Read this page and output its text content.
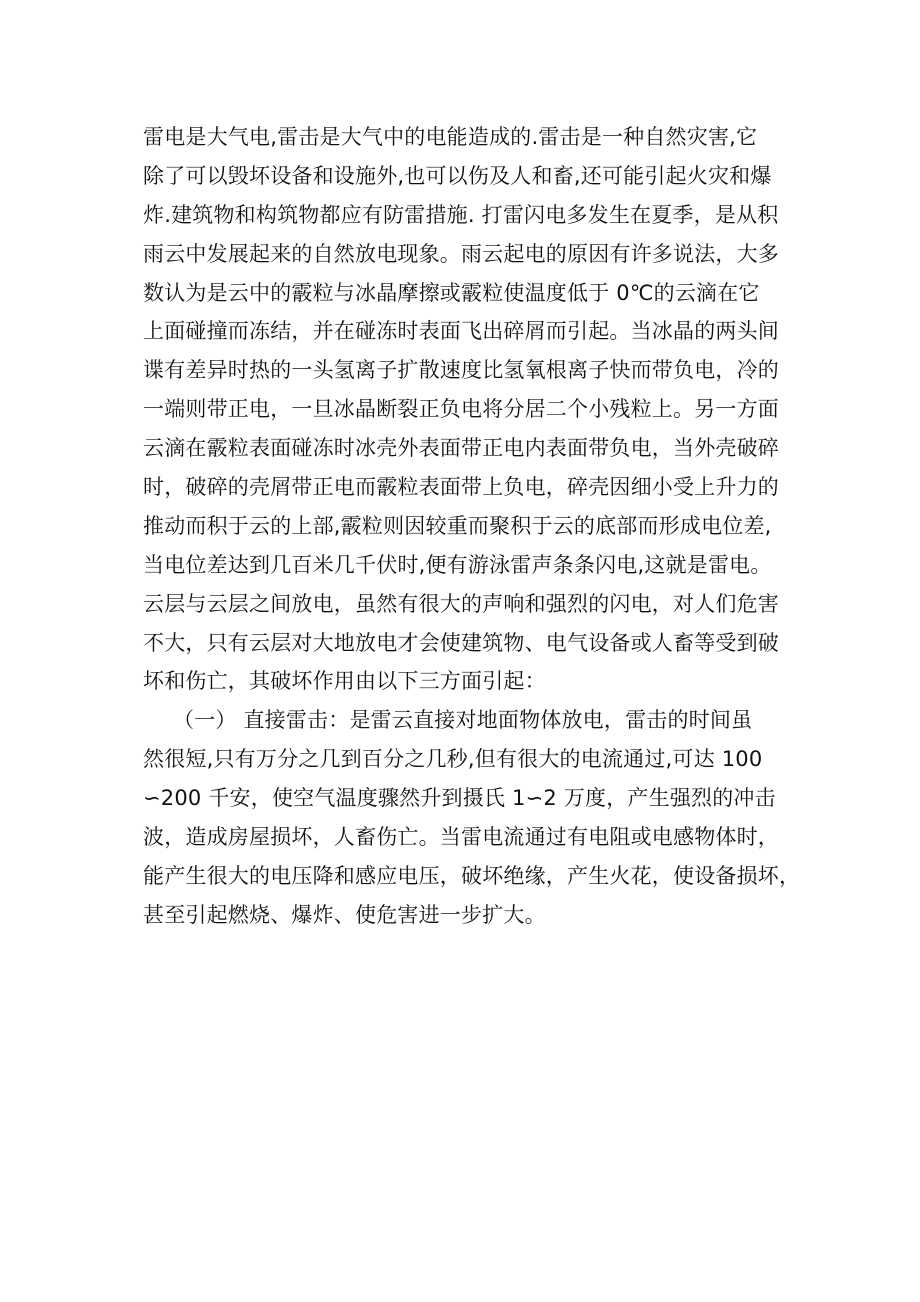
雷电是大气电,雷击是大气中的电能造成的.雷击是一种自然灾害,它
除了可以毁坏设备和设施外,也可以伤及人和畜,还可能引起火灾和爆
炸.建筑物和构筑物都应有防雷措施. 打雷闪电多发生在夏季，是从积
雨云中发展起来的自然放电现象。雨云起电的原因有许多说法，大多
数认为是云中的霰粒与冰晶摩擦或霰粒使温度低于 0℃的云滴在它
上面碰撞而冻结，并在碰冻时表面飞出碎屑而引起。当冰晶的两头间
谍有差异时热的一头氢离子扩散速度比氢氧根离子快而带负电，冷的
一端则带正电，一旦冰晶断裂正负电将分居二个小残粒上。另一方面
云滴在霰粒表面碰冻时冰壳外表面带正电内表面带负电，当外壳破碎
时，破碎的壳屑带正电而霰粒表面带上负电，碎壳因细小受上升力的
推动而积于云的上部,霰粒则因较重而聚积于云的底部而形成电位差,
当电位差达到几百米几千伏时,便有游泳雷声条条闪电,这就是雷电。
云层与云层之间放电，虽然有很大的声响和强烈的闪电，对人们危害
不大，只有云层对大地放电才会使建筑物、电气设备或人畜等受到破
坏和伤亡，其破坏作用由以下三方面引起：
（一） 直接雷击：是雷云直接对地面物体放电，雷击的时间虽
然很短,只有万分之几到百分之几秒,但有很大的电流通过,可达 100
∽200 千安，使空气温度骤然升到摄氏 1∽2 万度，产生强烈的冲击
波，造成房屋损坏，人畜伤亡。当雷电流通过有电阻或电感物体时，
能产生很大的电压降和感应电压，破坏绝缘，产生火花，使设备损坏，
甚至引起燃烧、爆炸、使危害进一步扩大。
